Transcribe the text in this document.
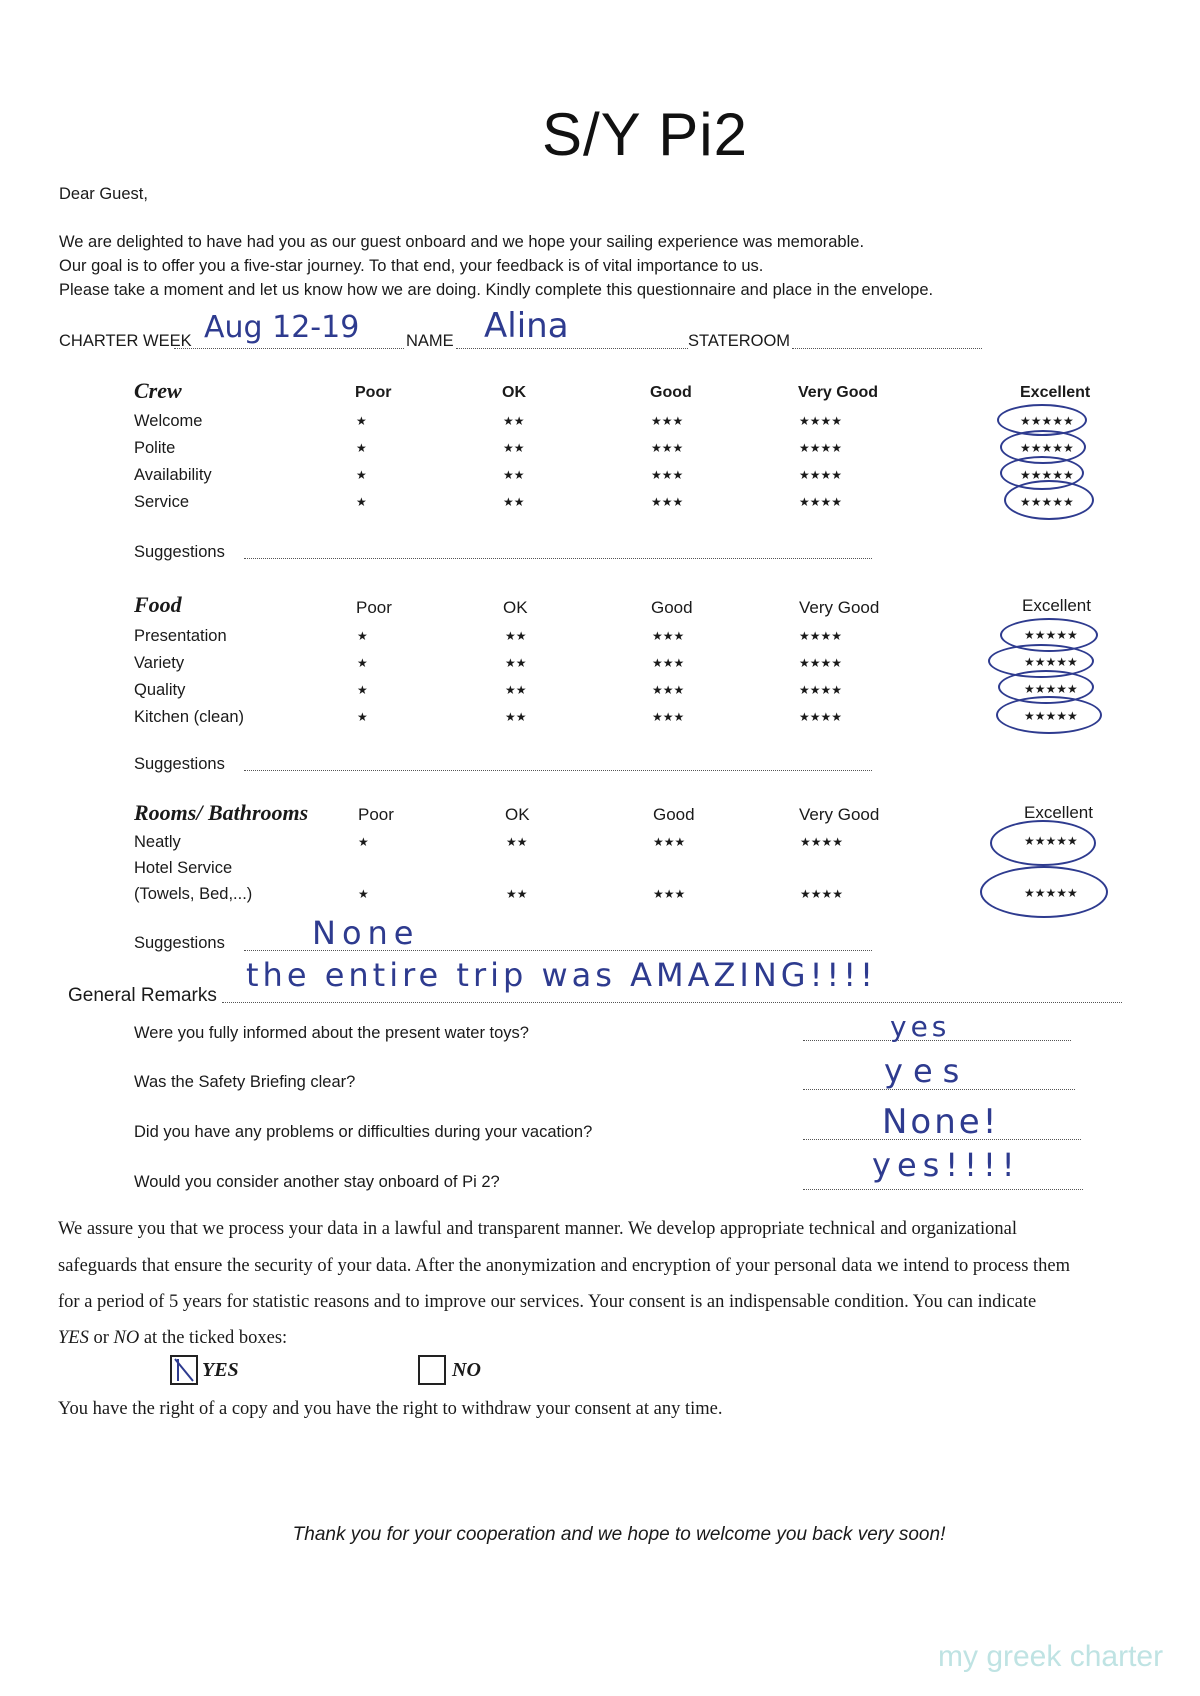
S/Y Pi2
Dear Guest,
We are delighted to have had you as our guest onboard and we hope your sailing experience was memorable.
Our goal is to offer you a five-star journey. To that end, your feedback is of vital importance to us.
Please take a moment and let us know how we are doing. Kindly complete this questionnaire and place in the envelope.
CHARTER WEEK Aug 12-19	NAME Alina	STATEROOM
Crew	Poor	OK	Good	Very Good	Excellent
Welcome	★	★★	★★★	★★★★	★★★★★
Polite	★	★★	★★★	★★★★	★★★★★
Availability	★	★★	★★★	★★★★	★★★★★
Service	★	★★	★★★	★★★★	★★★★★
Suggestions
Food	Poor	OK	Good	Very Good	Excellent
Presentation	★	★★	★★★	★★★★	★★★★★
Variety	★	★★	★★★	★★★★	★★★★★
Quality	★	★★	★★★	★★★★	★★★★★
Kitchen (clean)	★	★★	★★★	★★★★	★★★★★
Suggestions
Rooms/ Bathrooms	Poor	OK	Good	Very Good	Excellent
Neatly	★	★★	★★★	★★★★	★★★★★
Hotel Service
(Towels, Bed,...)	★	★★	★★★	★★★★	★★★★★
Suggestions	None
General Remarks
the entire trip was AMAZING!!!!
Were you fully informed about the present water toys?	yes
Was the Safety Briefing clear?	yes
Did you have any problems or difficulties during your vacation?	None!
Would you consider another stay onboard of Pi 2?	yes!!!!
We assure you that we process your data in a lawful and transparent manner. We develop appropriate technical and organizational
safeguards that ensure the security of your data. After the anonymization and encryption of your personal data we intend to process them
for a period of 5 years for statistic reasons and to improve our services. Your consent is an indispensable condition. You can indicate
YES or NO at the ticked boxes:
YES	NO
You have the right of a copy and you have the right to withdraw your consent at any time.
Thank you for your cooperation and we hope to welcome you back very soon!
my greek charter
